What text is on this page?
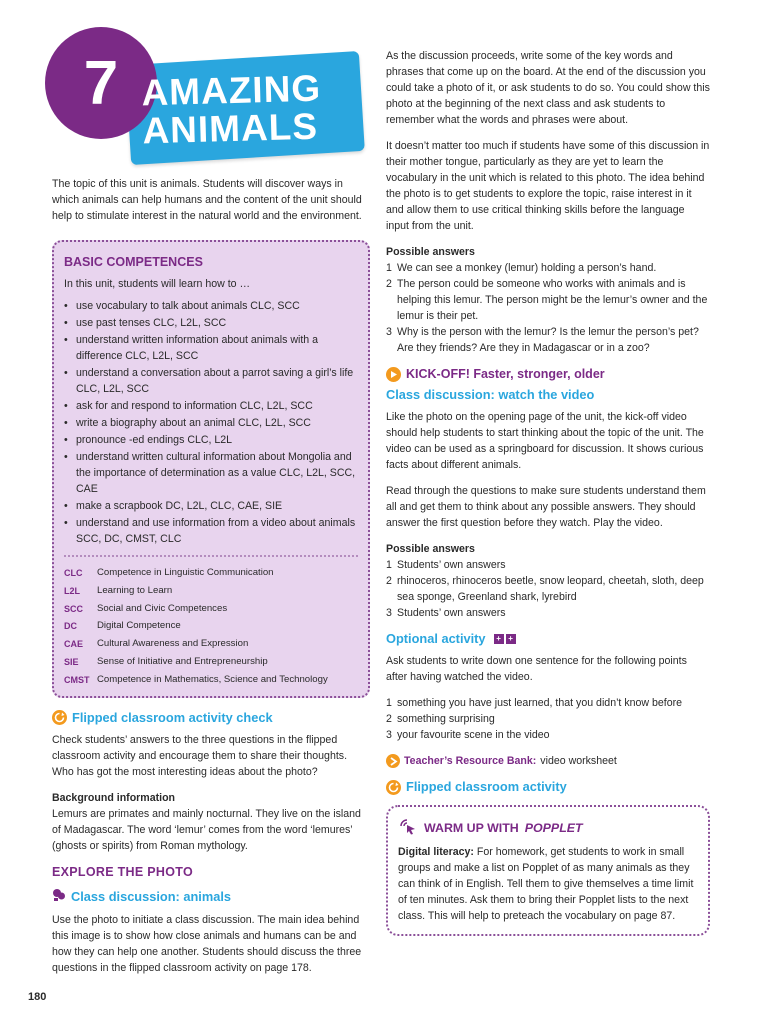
7 AMAZING
ANIMALS

The topic of this unit is animals. Students will discover ways in which animals can help humans and the content of the unit should help to stimulate interest in the natural world and the environment.

BASIC COMPETENCES
In this unit, students will learn how to …
• use vocabulary to talk about animals CLC, SCC
• use past tenses CLC, L2L, SCC
• understand written information about animals with a difference CLC, L2L, SCC
• understand a conversation about a parrot saving a girl’s life CLC, L2L, SCC
• ask for and respond to information CLC, L2L, SCC
• write a biography about an animal CLC, L2L, SCC
• pronounce -ed endings CLC, L2L
• understand written cultural information about Mongolia and the importance of determination as a value CLC, L2L, SCC, CAE
• make a scrapbook DC, L2L, CLC, CAE, SIE
• understand and use information from a video about animals SCC, DC, CMST, CLC
CLC	Competence in Linguistic Communication
L2L	Learning to Learn
SCC	Social and Civic Competences
DC	Digital Competence
CAE	Cultural Awareness and Expression
SIE	Sense of Initiative and Entrepreneurship
CMST	Competence in Mathematics, Science and Technology
Flipped classroom activity check

Check students’ answers to the three questions in the flipped classroom activity and encourage them to share their thoughts. Who has got the most interesting ideas about the photo?

Background information

Lemurs are primates and mainly nocturnal. They live on the island of Madagascar. The word ‘lemur’ comes from the word ‘lemures’ (ghosts or spirits) from Roman mythology.

EXPLORE THE PHOTO
Class discussion: animals

Use the photo to initiate a class discussion. The main idea behind this image is to show how close animals and humans can be and how they can help one another. Students should discuss the three questions in the flipped classroom activity on page 178.

As the discussion proceeds, write some of the key words and phrases that come up on the board. At the end of the discussion you could take a photo of it, or ask students to do so. You could show this photo at the beginning of the next class and ask students to remember what the words and phrases were about.

It doesn’t matter too much if students have some of this discussion in their mother tongue, particularly as they are yet to learn the vocabulary in the unit which is related to this photo. The idea behind the photo is to get students to explore the topic, raise interest in it and allow them to use critical thinking skills before the language input from the unit.

Possible answers
1 We can see a monkey (lemur) holding a person’s hand.
2 The person could be someone who works with animals and is helping this lemur. The person might be the lemur’s owner and the lemur is their pet.
3 Why is the person with the lemur? Is the lemur the person’s pet? Are they friends? Are they in Madagascar or in a zoo?
KICK-OFF! Faster, stronger, older
Class discussion: watch the video

Like the photo on the opening page of the unit, the kick-off video should help students to start thinking about the topic of the unit. The video can be used as a springboard for discussion. It shows curious facts about different animals.

Read through the questions to make sure students understand them all and get them to think about any possible answers. They should answer the first question before they watch. Play the video.

Possible answers
1 Students’ own answers
2 rhinoceros, rhinoceros beetle, snow leopard, cheetah, sloth, deep sea sponge, Greenland shark, lyrebird
3 Students’ own answers
Optional activity	+ +

Ask students to write down one sentence for the following points after having watched the video.

1 something you have just learned, that you didn’t know before
2 something surprising
3 your favourite scene in the video
Teacher’s Resource Bank: video worksheet
Flipped classroom activity
WARM UP WITH POPPLET

Digital literacy: For homework, get students to work in small groups and make a list on Popplet of as many animals as they can think of in English. Tell them to give themselves a time limit of ten minutes. Ask them to bring their Popplet lists to the next class. This will help to preteach the vocabulary on page 87.

180
